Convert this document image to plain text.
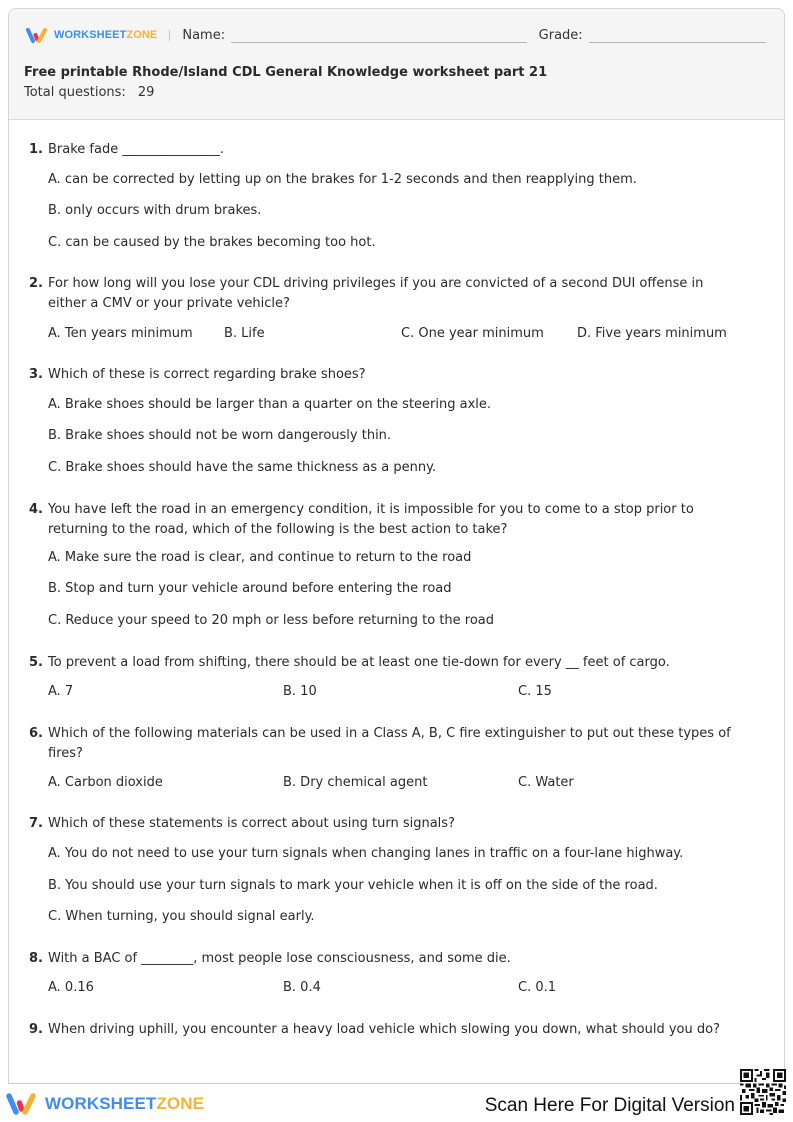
WORKSHEETZONE Name:	Grade:
Free printable Rhode/Island CDL General Knowledge worksheet part 21
Total questions: 29
1. Brake fade _______________.
A. can be corrected by letting up on the brakes for 1-2 seconds and then reapplying them.
B. only occurs with drum brakes.
C. can be caused by the brakes becoming too hot.
2. For how long will you lose your CDL driving privileges if you are convicted of a second DUI offense in either a CMV or your private vehicle?
A. Ten years minimum B. Life	C. One year minimum	D. Five years minimum
3. Which of these is correct regarding brake shoes?
A. Brake shoes should be larger than a quarter on the steering axle.
B. Brake shoes should not be worn dangerously thin.
C. Brake shoes should have the same thickness as a penny.
4. You have left the road in an emergency condition, it is impossible for you to come to a stop prior to returning to the road, which of the following is the best action to take?
A. Make sure the road is clear, and continue to return to the road
B. Stop and turn your vehicle around before entering the road
C. Reduce your speed to 20 mph or less before returning to the road
5. To prevent a load from shifting, there should be at least one tie-down for every __ feet of cargo.
A. 7	B. 10	C. 15
6. Which of the following materials can be used in a Class A, B, C fire extinguisher to put out these types of fires?
A. Carbon dioxide	B. Dry chemical agent	C. Water
7. Which of these statements is correct about using turn signals?
A. You do not need to use your turn signals when changing lanes in traffic on a four-lane highway.
B. You should use your turn signals to mark your vehicle when it is off on the side of the road.
C. When turning, you should signal early.
8. With a BAC of ________, most people lose consciousness, and some die.
A. 0.16	B. 0.4	C. 0.1
9. When driving uphill, you encounter a heavy load vehicle which slowing you down, what should you do?
WORKSHEETZONE	Scan Here For Digital Version
